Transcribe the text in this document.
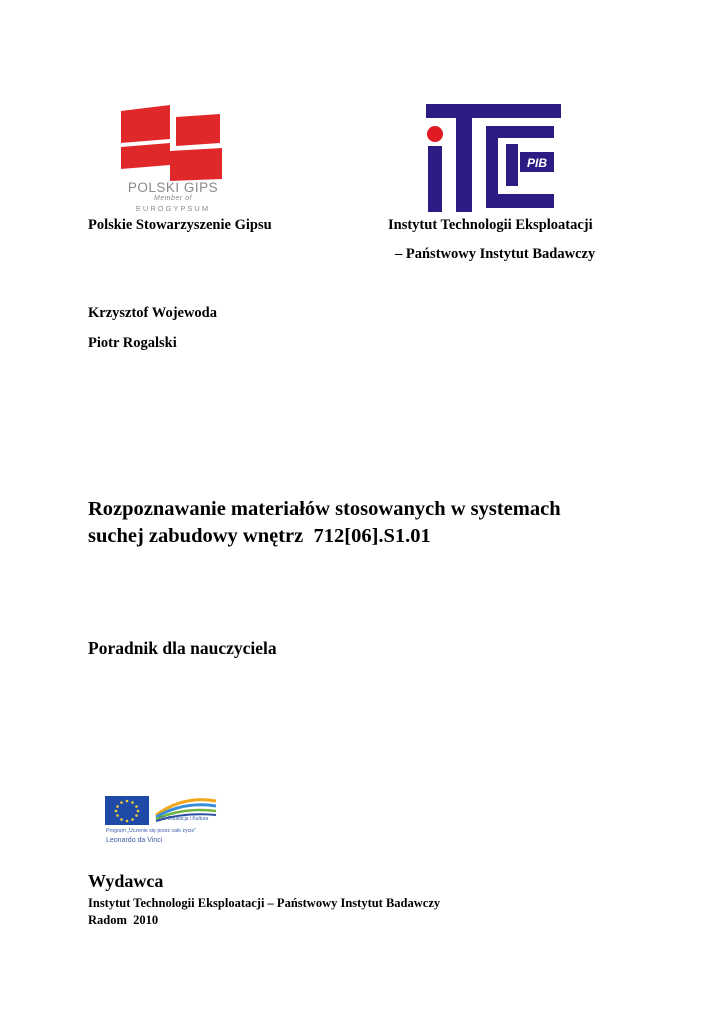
POLSKI GIPS
Member of
EUROGYPSUM
PIB
Polskie Stowarzyszenie Gipsu	Instytut Technologii Eksploatacji
– Państwowy Instytut Badawczy
Krzysztof Wojewoda
Piotr Rogalski
Rozpoznawanie materiałów stosowanych w systemach
suchej zabudowy wnętrz  712[06].S1.01
Poradnik dla nauczyciela
DG Edukacja i Kultura
Program „Uczenie się przez całe życie”
Leonardo da Vinci
Wydawca
Instytut Technologii Eksploatacji – Państwowy Instytut Badawczy
Radom  2010
